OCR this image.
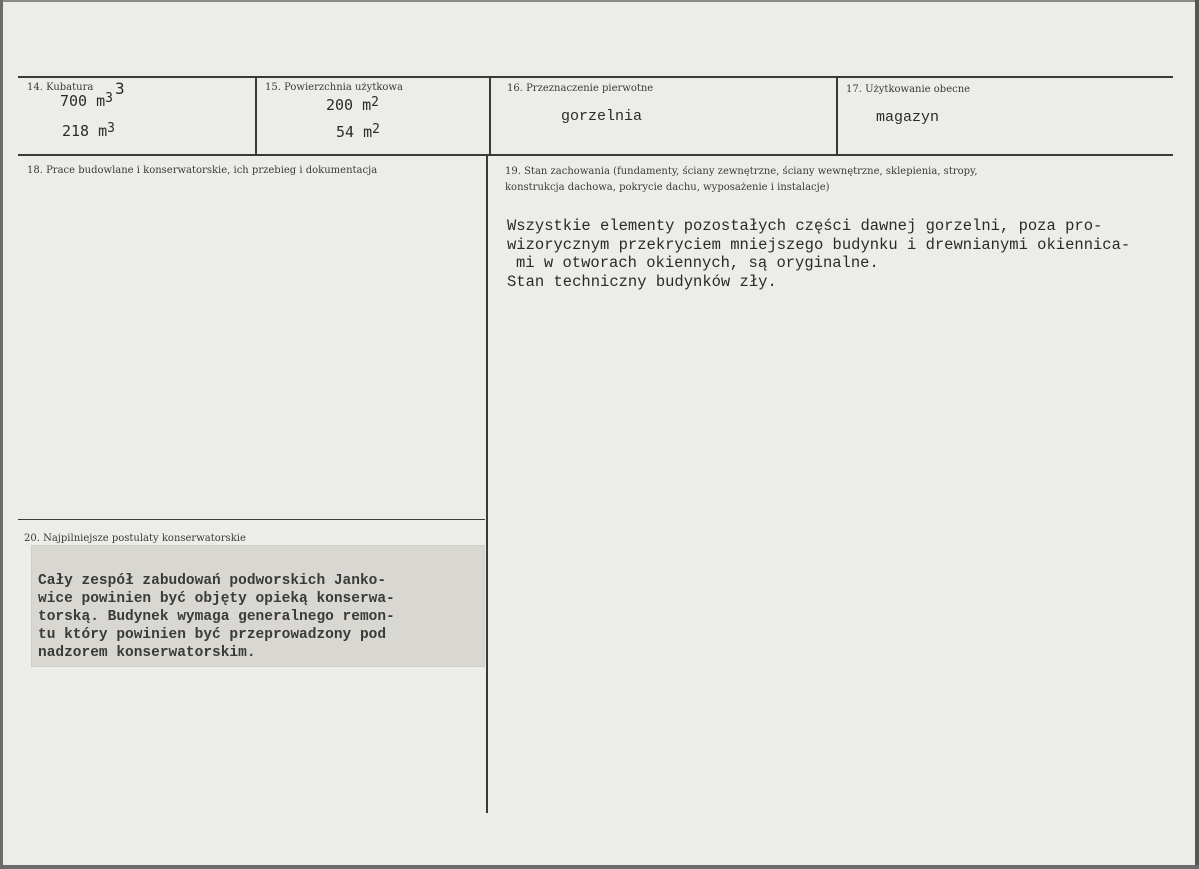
14. Kubatura 3
700 $m^3$
218 $m^3$
15. Powierzchnia użytkowa
200 $m^2$
54 $m^2$
16. Przeznaczenie pierwotne
gorzelnia
17. Użytkowanie obecne
magazyn
18. Prace budowlane i konserwatorskie, ich przebieg i dokumentacja	19. Stan zachowania (fundamenty, ściany zewnętrzne, ściany wewnętrzne, sklepienia, stropy,
konstrukcja dachowa, pokrycie dachu, wyposażenie i instalacje)
Wszystkie elementy pozostałych części dawnej gorzelni, poza pro-
wizorycznym przekryciem mniejszego budynku i drewnianymi okiennica-
mi w otworach okiennych, są oryginalne.
Stan techniczny budynków zły.
20. Najpilniejsze postulaty konserwatorskie
Cały zespół zabudowań podworskich Janko-
wice powinien być objęty opieką konserwa-
torską. Budynek wymaga generalnego remon-
tu który powinien być przeprowadzony pod
nadzorem konserwatorskim.
